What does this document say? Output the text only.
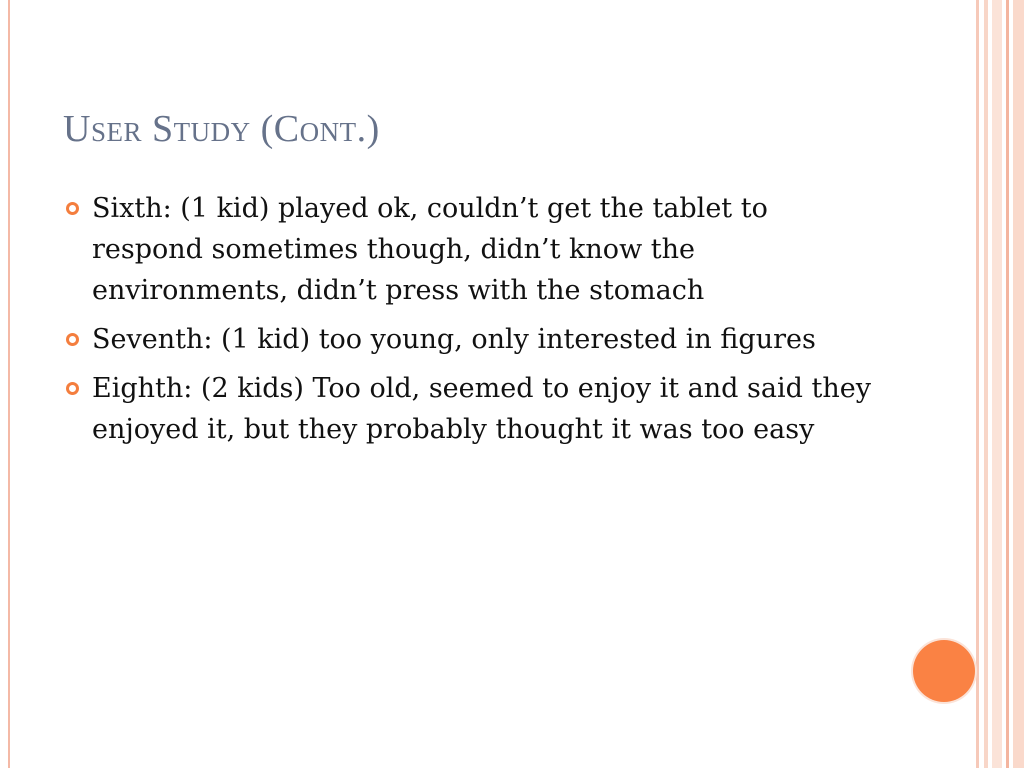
User Study (Cont.)
Sixth: (1 kid) played ok, couldn’t get the tablet to respond sometimes though, didn’t know the environments, didn’t press with the stomach
Seventh: (1 kid) too young, only interested in figures
Eighth: (2 kids) Too old, seemed to enjoy it and said they enjoyed it, but they probably thought it was too easy
